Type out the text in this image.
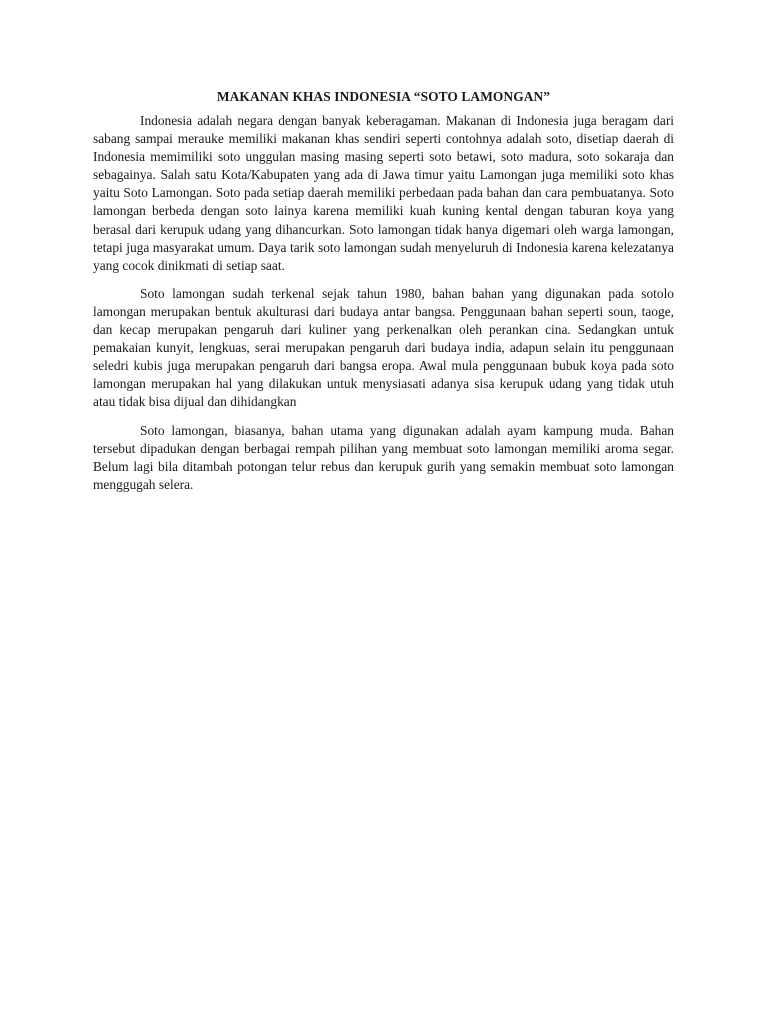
MAKANAN KHAS INDONESIA “SOTO LAMONGAN”

Indonesia adalah negara dengan banyak keberagaman. Makanan di Indonesia juga beragam dari sabang sampai merauke memiliki makanan khas sendiri seperti contohnya adalah soto, disetiap daerah di Indonesia memimiliki soto unggulan masing masing seperti soto betawi, soto madura, soto sokaraja dan sebagainya. Salah satu Kota/Kabupaten yang ada di Jawa timur yaitu Lamongan juga memiliki soto khas yaitu Soto Lamongan. Soto pada setiap daerah memiliki perbedaan pada bahan dan cara pembuatanya. Soto lamongan berbeda dengan soto lainya karena memiliki kuah kuning kental dengan taburan koya yang berasal dari kerupuk udang yang dihancurkan. Soto lamongan tidak hanya digemari oleh warga lamongan, tetapi juga masyarakat umum. Daya tarik soto lamongan sudah menyeluruh di Indonesia karena kelezatanya yang cocok dinikmati di setiap saat.

Soto lamongan sudah terkenal sejak tahun 1980, bahan bahan yang digunakan pada sotolo lamongan merupakan bentuk akulturasi dari budaya antar bangsa. Penggunaan bahan seperti soun, taoge, dan kecap merupakan pengaruh dari kuliner yang perkenalkan oleh perankan cina. Sedangkan untuk pemakaian kunyit, lengkuas, serai merupakan pengaruh dari budaya india, adapun selain itu penggunaan seledri kubis juga merupakan pengaruh dari bangsa eropa. Awal mula penggunaan bubuk koya pada soto lamongan merupakan hal yang dilakukan untuk menysiasati adanya sisa kerupuk udang yang tidak utuh atau tidak bisa dijual dan dihidangkan

Soto lamongan, biasanya, bahan utama yang digunakan adalah ayam kampung muda. Bahan tersebut dipadukan dengan berbagai rempah pilihan yang membuat soto lamongan memiliki aroma segar. Belum lagi bila ditambah potongan telur rebus dan kerupuk gurih yang semakin membuat soto lamongan menggugah selera.
